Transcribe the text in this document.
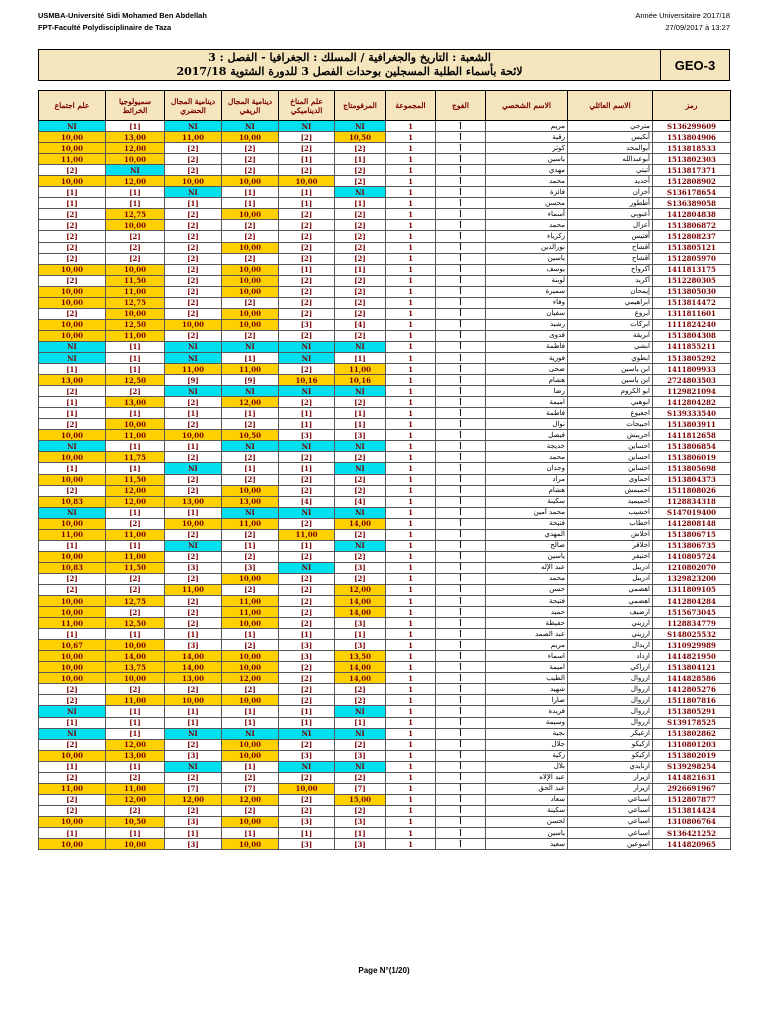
USMBA-Université Sidi Mohamed Ben Abdellah
FPT-Faculté Polydisciplinaire de Taza
Année Universitaire 2017/18
27/09/2017 à 13:27
الشعبة : التاريخ والجغرافية / المسلك : الجغرافيا - الفصل : 3
لائحة بأسماء الطلبة المسجلين بوحدات الفصل 3 للدورة الشتوية 2017/18	GEO-3
علم اجتماع	سميولوجيا الخرائط	دينامية المجال الحضري	دينامية المجال الريفي	علم المناخ الديناميكي	المرفومتاج	المجموعة	الفوج	الاسم الشخصي	الاسم العائلي	رمز
NI	[1]	NI	NI	NI	NI	1	أ	مريم	مترجي	S136299609
10,00	13,00	11,00	10,00	[2]	10,50	1	أ	رقية	أبكيس	1513804906
10,00	12,00	[2]	[2]	[2]	[2]	1	أ	كوثر	أبوالمجد	1513818533
11,00	10,00	[2]	[2]	[1]	[1]	1	أ	ياسين	أبوعبدالله	1513802303
[2]	NI	[2]	[2]	[2]	[2]	1	أ	مهدي	أتيتي	1513817371
10,00	12,00	10,00	10,00	10,00	[2]	1	أ	محمد	أحديد	1512808902
[1]	[1]	NI	[1]	[1]	NI	1	أ	فائزة	أخزان	S136178654
[1]	[1]	[1]	[1]	[1]	[1]	1	أ	محسن	أططور	S136389058
[2]	12,75	[2]	10,00	[2]	[2]	1	أ	أسماء	أعبوبي	1412804838
[2]	10,00	[2]	[2]	[2]	[2]	1	أ	محمد	أعزال	1513806872
[2]	[2]	[2]	[2]	[2]	[2]	1	أ	زكرياء	أفتيس	1512808237
[2]	[2]	[2]	10,00	[2]	[2]	1	أ	نورالدين	أقشاح	1513805121
[2]	[2]	[2]	[2]	[2]	[2]	1	أ	ياسين	أقشاح	1512805970
10,00	10,00	[2]	10,00	[1]	[1]	1	أ	يوسف	أكرواح	1411813175
[2]	11,50	[2]	10,00	[2]	[2]	1	أ	لوبنة	أكريد	1512280305
10,00	11,00	[2]	10,00	[2]	[2]	1	أ	سميرة	إيمحان	1513805030
10,00	12,75	[2]	[2]	[2]	[2]	1	أ	وفاء	ابراهيمي	1513814472
[2]	10,00	[2]	10,00	[2]	[2]	1	أ	سفيان	ابروع	1311811601
10,00	12,50	10,00	10,00	[3]	[4]	1	أ	رشيد	ابركات	1111824240
10,00	11,00	[2]	[2]	[2]	[2]	1	أ	فدوى	ابريقة	1513804308
NI	[1]	NI	NI	NI	NI	1	أ	فاطمة	ابشي	1411855211
NI	[1]	NI	[1]	NI	[1]	1	أ	فوزية	ابطوي	1513805292
[1]	[1]	11,00	11,00	[2]	11,00	1	أ	ضحى	ابن ياسين	1411809933
13,00	12,50	[9]	[9]	10,16	10,16	1	أ	هشام	ابن ياسين	2724803503
[2]	[2]	NI	NI	NI	NI	1	أ	رضا	ابو الكروم	1129821094
[1]	13,00	[2]	12,00	[2]	[2]	1	أ	اميمة	ابوهبي	1412804282
[1]	[1]	[1]	[1]	[1]	[1]	1	أ	فاطمة	اجعيوع	S139333540
[2]	10,00	[2]	[2]	[1]	[1]	1	أ	نوال	احبيجات	1513803911
10,00	11,00	10,00	10,50	[3]	[3]	1	أ	فيصل	احريبش	1411812658
NI	[1]	[1]	NI	NI	NI	1	أ	خديجة	احساين	1513806854
10,00	11,75	[2]	[2]	[2]	[2]	1	أ	محمد	احساين	1513806019
[1]	[1]	NI	[1]	[1]	NI	1	أ	وجدان	احساين	1513805698
10,00	11,50	[2]	[2]	[2]	[2]	1	أ	مراد	احماوي	1513804373
[2]	12,00	[2]	10,00	[2]	[2]	1	أ	هشام	احميمش	1511808026
10,83	12,00	13,00	13,00	[4]	[4]	1	أ	سكينة	احميميد	1128834318
NI	[1]	[1]	NI	NI	NI	1	أ	محمد أمين	اخشيب	S147019400
10,00	[2]	10,00	11,00	[2]	14,00	1	أ	فتيحة	اخطاب	1412808148
11,00	11,00	[2]	[2]	11,00	[2]	1	أ	المهدي	اخلاش	1513806715
[1]	[1]	NI	[1]	[1]	NI	1	أ	صالح	اخلاقر	1513806735
10,00	11,00	[2]	[2]	[2]	[2]	1	أ	ياسين	اخنيفر	1410805724
10,83	11,50	[3]	[3]	NI	[3]	1	أ	عبد الإله	ادريبل	1210802070
[2]	[2]	[2]	10,00	[2]	[2]	1	أ	محمد	ادريبل	1329823200
[2]	[2]	11,00	[2]	[2]	12,00	1	أ	حسن	اهضمي	1311809105
10,00	12,75	[2]	11,00	[2]	14,00	1	أ	فتيحة	اهضمي	1412804284
10,00	[2]	[2]	11,00	[2]	14,00	1	أ	حميد	ارضيف	1515673045
11,00	12,50	[2]	10,00	[2]	[3]	1	أ	حفيظة	ارزيني	1128834779
[1]	[1]	[1]	[1]	[1]	[1]	1	أ	عبد الصمد	ارزيني	S148025532
10,67	10,00	[3]	[2]	[3]	[3]	1	أ	مريم	اريدال	1310929989
10,00	14,00	14,00	10,00	[3]	13,50	1	أ	اسماء	ازداد	1414821950
10,00	13,75	14,00	10,00	[2]	14,00	1	أ	اميمة	ازراكي	1513804121
10,00	10,00	13,00	12,00	[2]	14,00	1	أ	الطيب	ازروال	1414828586
[2]	[2]	[2]	[2]	[2]	[2]	1	أ	شهيد	ازروال	1412805276
[2]	11,00	10,00	10,00	[2]	[2]	1	أ	صارا	ازروال	1511807816
NI	[1]	[1]	[1]	[1]	NI	1	أ	فريدة	ازروال	1513805291
[1]	[1]	[1]	[1]	[1]	[1]	1	أ	وسيمة	ازروال	S139178525
NI	[1]	NI	NI	NI	NI	1	أ	نجية	ازعيكر	1513802862
[2]	12,00	[2]	10,00	[2]	[2]	1	أ	جلال	ازكيكو	1310801203
10,00	13,00	[3]	10,00	[3]	[3]	1	أ	زكية	ازكيكو	1513802019
[1]	[1]	NI	[1]	NI	NI	1	أ	بلال	ازنايدي	S139298254
[2]	[2]	[2]	[2]	[2]	[2]	1	أ	عبد الإلاه	ازيرار	1414821631
11,00	11,00	[7]	[7]	10,00	[7]	1	أ	عبد الحق	ازيرار	2926691967
[2]	12,00	12,00	12,00	[2]	15,00	1	أ	سعاد	اسباعي	1512807877
[2]	[2]	[2]	[2]	[2]	[2]	1	أ	سكينة	اسباعي	1513814424
10,00	10,50	[3]	10,00	[3]	[3]	1	أ	لحسن	اسباعي	1310806764
[1]	[1]	[1]	[1]	[1]	[1]	1	أ	ياسين	اسباعي	S136421252
10,00	10,00	[3]	10,00	[3]	[3]	1	أ	سعيد	اسوعين	1414820965
Page N°(1/20)
